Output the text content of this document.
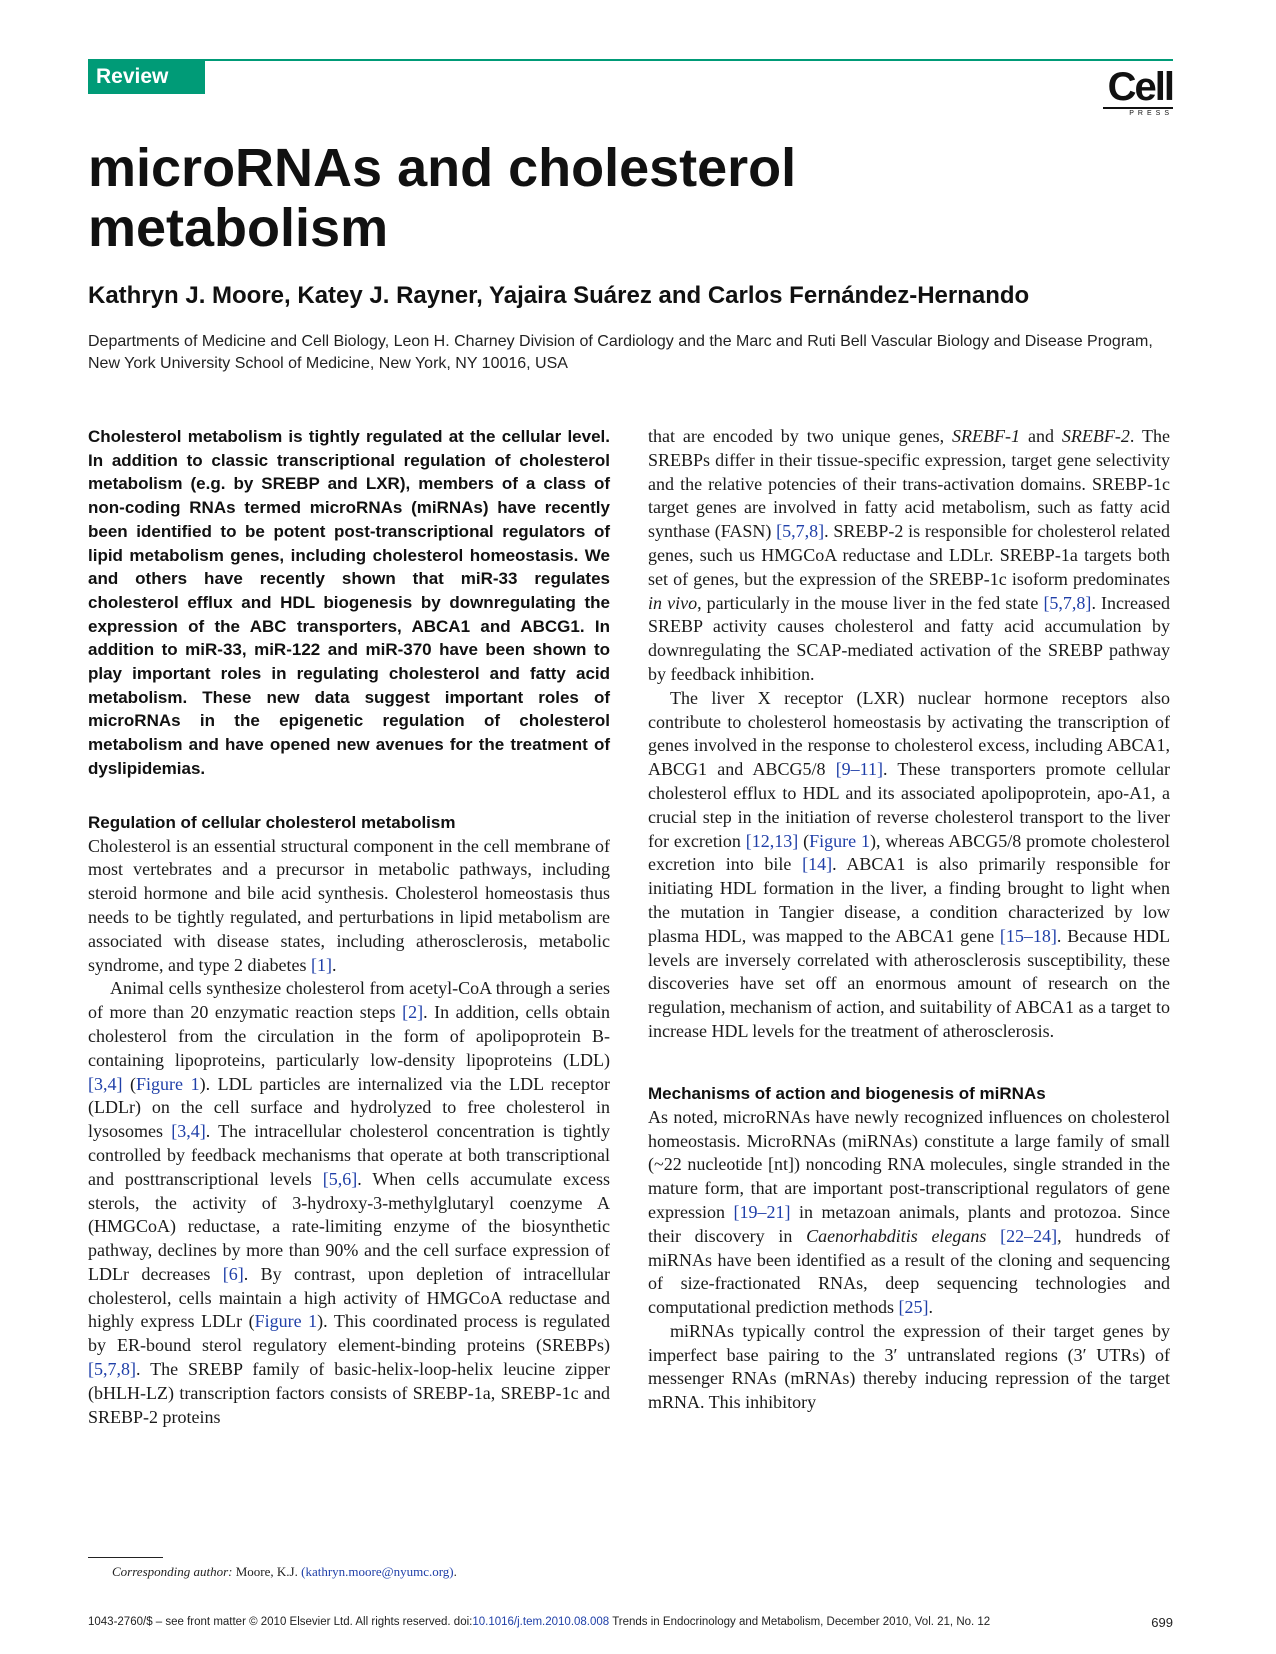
Review	Cell
PRESS
microRNAs and cholesterol metabolism
Kathryn J. Moore, Katey J. Rayner, Yajaira Suárez and Carlos Fernández-Hernando
Departments of Medicine and Cell Biology, Leon H. Charney Division of Cardiology and the Marc and Ruti Bell Vascular Biology and Disease Program, New York University School of Medicine, New York, NY 10016, USA

Cholesterol metabolism is tightly regulated at the cellular level. In addition to classic transcriptional regulation of cholesterol metabolism (e.g. by SREBP and LXR), members of a class of non-coding RNAs termed microRNAs (miRNAs) have recently been identified to be potent post-transcriptional regulators of lipid metabolism genes, including cholesterol homeostasis. We and others have recently shown that miR-33 regulates cholesterol efflux and HDL biogenesis by downregulating the expression of the ABC transporters, ABCA1 and ABCG1. In addition to miR-33, miR-122 and miR-370 have been shown to play important roles in regulating cholesterol and fatty acid metabolism. These new data suggest important roles of microRNAs in the epigenetic regulation of cholesterol metabolism and have opened new avenues for the treatment of dyslipidemias.

Regulation of cellular cholesterol metabolism

Cholesterol is an essential structural component in the cell membrane of most vertebrates and a precursor in metabolic pathways, including steroid hormone and bile acid synthesis. Cholesterol homeostasis thus needs to be tightly regulated, and perturbations in lipid metabolism are associated with disease states, including atherosclerosis, metabolic syndrome, and type 2 diabetes [1].

Animal cells synthesize cholesterol from acetyl-CoA through a series of more than 20 enzymatic reaction steps [2]. In addition, cells obtain cholesterol from the circulation in the form of apolipoprotein B-containing lipoproteins, particularly low-density lipoproteins (LDL) [3,4] (Figure 1). LDL particles are internalized via the LDL receptor (LDLr) on the cell surface and hydrolyzed to free cholesterol in lysosomes [3,4]. The intracellular cholesterol concentration is tightly controlled by feedback mechanisms that operate at both transcriptional and posttranscriptional levels [5,6]. When cells accumulate excess sterols, the activity of 3-hydroxy-3-methylglutaryl coenzyme A (HMGCoA) reductase, a rate-limiting enzyme of the biosynthetic pathway, declines by more than 90% and the cell surface expression of LDLr decreases [6]. By contrast, upon depletion of intracellular cholesterol, cells maintain a high activity of HMGCoA reductase and highly express LDLr (Figure 1). This coordinated process is regulated by ER-bound sterol regulatory element-binding proteins (SREBPs) [5,7,8]. The SREBP family of basic-helix-loop-helix leucine zipper (bHLH-LZ) transcription factors consists of SREBP-1a, SREBP-1c and SREBP-2 proteins

that are encoded by two unique genes, SREBF-1 and SREBF-2. The SREBPs differ in their tissue-specific expression, target gene selectivity and the relative potencies of their trans-activation domains. SREBP-1c target genes are involved in fatty acid metabolism, such as fatty acid synthase (FASN) [5,7,8]. SREBP-2 is responsible for cholesterol related genes, such us HMGCoA reductase and LDLr. SREBP-1a targets both set of genes, but the expression of the SREBP-1c isoform predominates in vivo, particularly in the mouse liver in the fed state [5,7,8]. Increased SREBP activity causes cholesterol and fatty acid accumulation by downregulating the SCAP-mediated activation of the SREBP pathway by feedback inhibition.

The liver X receptor (LXR) nuclear hormone receptors also contribute to cholesterol homeostasis by activating the transcription of genes involved in the response to cholesterol excess, including ABCA1, ABCG1 and ABCG5/8 [9–11]. These transporters promote cellular cholesterol efflux to HDL and its associated apolipoprotein, apo-A1, a crucial step in the initiation of reverse cholesterol transport to the liver for excretion [12,13] (Figure 1), whereas ABCG5/8 promote cholesterol excretion into bile [14]. ABCA1 is also primarily responsible for initiating HDL formation in the liver, a finding brought to light when the mutation in Tangier disease, a condition characterized by low plasma HDL, was mapped to the ABCA1 gene [15–18]. Because HDL levels are inversely correlated with atherosclerosis susceptibility, these discoveries have set off an enormous amount of research on the regulation, mechanism of action, and suitability of ABCA1 as a target to increase HDL levels for the treatment of atherosclerosis.

Mechanisms of action and biogenesis of miRNAs

As noted, microRNAs have newly recognized influences on cholesterol homeostasis. MicroRNAs (miRNAs) constitute a large family of small (~22 nucleotide [nt]) noncoding RNA molecules, single stranded in the mature form, that are important post-transcriptional regulators of gene expression [19–21] in metazoan animals, plants and protozoa. Since their discovery in Caenorhabditis elegans [22–24], hundreds of miRNAs have been identified as a result of the cloning and sequencing of size-fractionated RNAs, deep sequencing technologies and computational prediction methods [25].

miRNAs typically control the expression of their target genes by imperfect base pairing to the 3′ untranslated regions (3′ UTRs) of messenger RNAs (mRNAs) thereby inducing repression of the target mRNA. This inhibitory

Corresponding author: Moore, K.J. (kathryn.moore@nyumc.org).
1043-2760/$ – see front matter © 2010 Elsevier Ltd. All rights reserved. doi:10.1016/j.tem.2010.08.008 Trends in Endocrinology and Metabolism, December 2010, Vol. 21, No. 12	699
